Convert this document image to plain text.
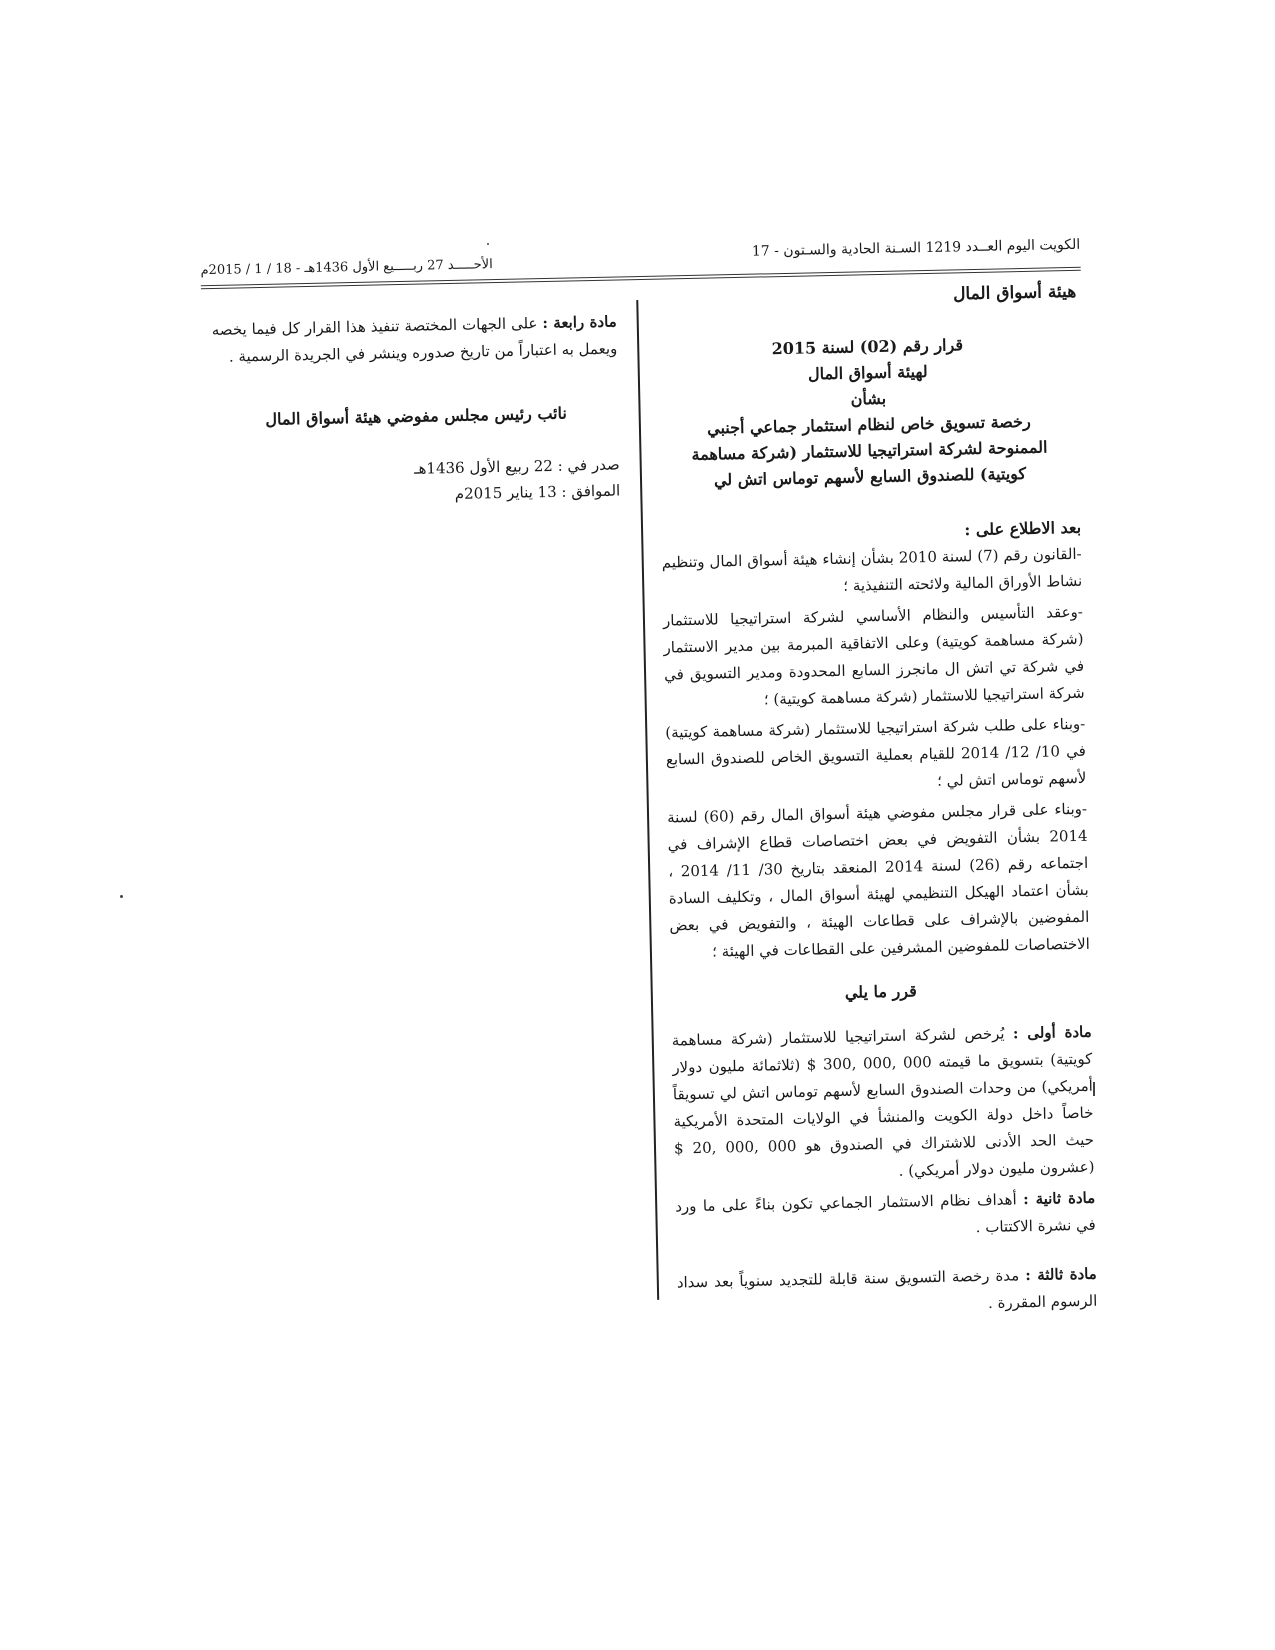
الكويت اليوم العــدد 1219 السـنة الحادية والسـتون - 17
الأحـــــد 27 ربـــــيع الأول 1436هـ - 18 / 1 / 2015م
هيئة أسواق المال
قرار رقم (02) لسنة 2015
لهيئة أسواق المال
بشأن
رخصة تسويق خاص لنظام استثمار جماعي أجنبي
الممنوحة لشركة استراتيجيا للاستثمار (شركة مساهمة
كويتية) للصندوق السابع لأسهم توماس اتش لي
بعد الاطلاع على :

-القانون رقم (7) لسنة 2010 بشأن إنشاء هيئة أسواق المال وتنظيم نشاط الأوراق المالية ولائحته التنفيذية ؛

-وعقد التأسيس والنظام الأساسي لشركة استراتيجيا للاستثمار (شركة مساهمة كويتية) وعلى الاتفاقية المبرمة بين مدير الاستثمار في شركة تي اتش ال مانجرز السابع المحدودة ومدير التسويق في شركة استراتيجيا للاستثمار (شركة مساهمة كويتية) ؛

-وبناء على طلب شركة استراتيجيا للاستثمار (شركة مساهمة كويتية) في 10/ 12/ 2014 للقيام بعملية التسويق الخاص للصندوق السابع لأسهم توماس اتش لي ؛

-وبناء على قرار مجلس مفوضي هيئة أسواق المال رقم (60) لسنة 2014 بشأن التفويض في بعض اختصاصات قطاع الإشراف في اجتماعه رقم (26) لسنة 2014 المنعقد بتاريخ 30/ 11/ 2014 ، بشأن اعتماد الهيكل التنظيمي لهيئة أسواق المال ، وتكليف السادة المفوضين بالإشراف على قطاعات الهيئة ، والتفويض في بعض الاختصاصات للمفوضين المشرفين على القطاعات في الهيئة ؛

قرر ما يلي

مادة أولى : يُرخص لشركة استراتيجيا للاستثمار (شركة مساهمة كويتية) بتسويق ما قيمته 000 ,000 ,300 $ (ثلاثمائة مليون دولار أمريكي) من وحدات الصندوق السابع لأسهم توماس اتش لي تسويقاً خاصاً داخل دولة الكويت والمنشأ في الولايات المتحدة الأمريكية حيث الحد الأدنى للاشتراك في الصندوق هو 000 ,000 ,20 $ (عشرون مليون دولار أمريكي) .

مادة ثانية : أهداف نظام الاستثمار الجماعي تكون بناءً على ما ورد في نشرة الاكتتاب .

مادة ثالثة : مدة رخصة التسويق سنة قابلة للتجديد سنوياً بعد سداد الرسوم المقررة .

مادة رابعة : على الجهات المختصة تنفيذ هذا القرار كل فيما يخصه ويعمل به اعتباراً من تاريخ صدوره وينشر في الجريدة الرسمية .

نائب رئيس مجلس مفوضي هيئة أسواق المال
صدر في : 22 ربيع الأول 1436هـ
الموافق : 13 يناير 2015م
